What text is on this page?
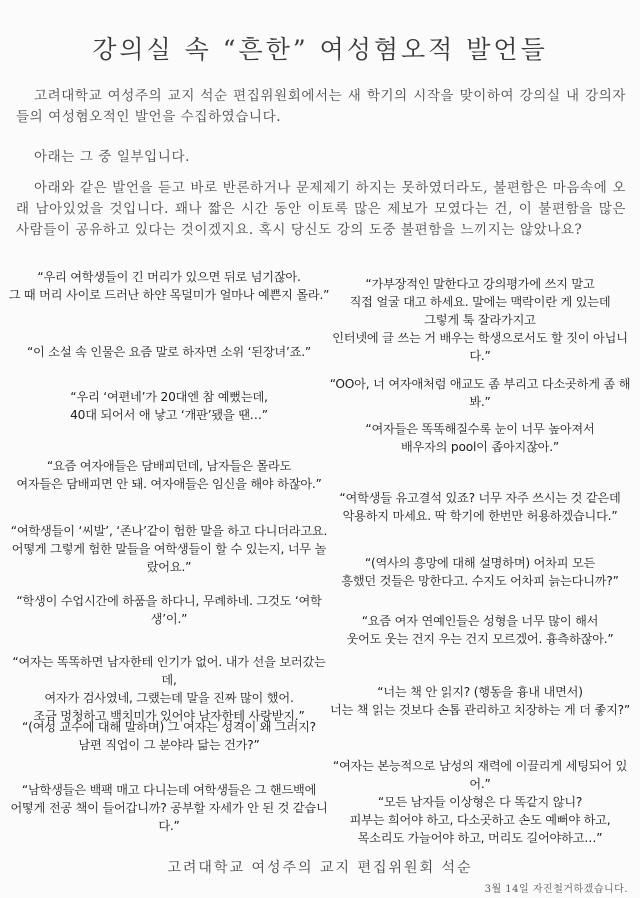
강의실 속 “흔한” 여성혐오적 발언들

고려대학교 여성주의 교지 석순 편집위원회에서는 새 학기의 시작을 맞이하여 강의실 내 강의자들의 여성혐오적인 발언을 수집하였습니다.

아래는 그 중 일부입니다.

아래와 같은 발언을 듣고 바로 반론하거나 문제제기 하지는 못하였더라도, 불편함은 마음속에 오래 남아있었을 것입니다. 꽤나 짧은 시간 동안 이토록 많은 제보가 모였다는 건, 이 불편함을 많은 사람들이 공유하고 있다는 것이겠지요. 혹시 당신도 강의 도중 불편함을 느끼지는 않았나요?

“우리 여학생들이 긴 머리가 있으면 뒤로 넘기잖아.
그 때 머리 사이로 드러난 하얀 목덜미가 얼마나 예쁜지 몰라.”
“이 소설 속 인물은 요즘 말로 하자면 소위 ‘된장녀’죠.”
“우리 ‘여편네’가 20대엔 참 예뻤는데,
40대 되어서 애 낳고 ‘개판’됐을 땐…”
“요즘 여자애들은 담배피던데, 남자들은 몰라도
여자들은 담배피면 안 돼. 여자애들은 임신을 해야 하잖아.”
“여학생들이 ‘씨발’, ‘존나’같이 험한 말을 하고 다니더라고요.
어떻게 그렇게 험한 말들을 여학생들이 할 수 있는지, 너무 놀랐어요.”
“학생이 수업시간에 하품을 하다니, 무례하네. 그것도 ‘여학생’이.”
“여자는 똑똑하면 남자한테 인기가 없어. 내가 선을 보러갔는데,
여자가 검사였네, 그랬는데 말을 진짜 많이 했어.
조금 멍청하고 백치미가 있어야 남자한테 사랑받지.”
“(여성 교수에 대해 말하며) 그 여자는 성격이 왜 그러지?
남편 직업이 그 분야라 닮는 건가?”
“남학생들은 백팩 매고 다니는데 여학생들은 그 핸드백에
어떻게 전공 책이 들어갑니까? 공부할 자세가 안 된 것 같습니다.”
“가부장적인 말한다고 강의평가에 쓰지 말고
직접 얼굴 대고 하세요. 말에는 맥락이란 게 있는데
그렇게 툭 잘라가지고
인터넷에 글 쓰는 거 배우는 학생으로서도 할 짓이 아닙니다.”
“OO아, 너 여자애처럼 애교도 좀 부리고 다소곳하게 좀 해봐.”
“여자들은 똑똑해질수록 눈이 너무 높아져서
배우자의 pool이 좁아지잖아.”
“여학생들 유고결석 있죠? 너무 자주 쓰시는 것 같은데
악용하지 마세요. 딱 학기에 한번만 허용하겠습니다.”
“(역사의 흥망에 대해 설명하며) 어차피 모든
흥했던 것들은 망한다고. 수지도 어차피 늙는다니까?”
“요즘 여자 연예인들은 성형을 너무 많이 해서
웃어도 웃는 건지 우는 건지 모르겠어. 흉측하잖아.”
“너는 책 안 읽지? (행동을 흉내 내면서)
너는 책 읽는 것보다 손톱 관리하고 치장하는 게 더 좋지?”
“여자는 본능적으로 남성의 재력에 이끌리게 세팅되어 있어.”
“모든 남자들 이상형은 다 똑같지 않니?
피부는 희어야 하고, 다소곳하고 손도 예뻐야 하고,
목소리도 가늘어야 하고, 머리도 길어야하고…”
고려대학교 여성주의 교지 편집위원회 석순
3월 14일 자진철거하겠습니다.
